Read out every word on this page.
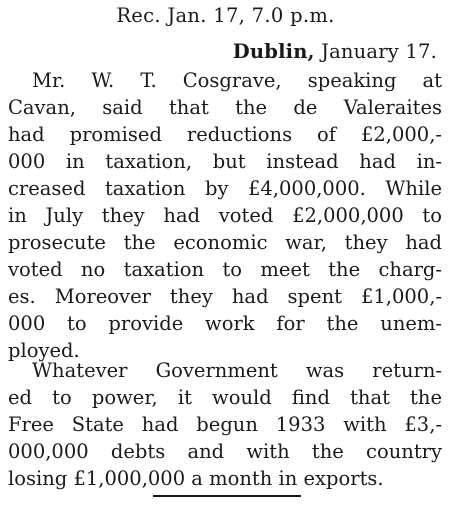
Rec. Jan. 17, 7.0 p.m.
Dublin, January 17.

Mr. W. T. Cosgrave, speaking at
Cavan, said that the de Valeraites
had promised reductions of £2,000,-
000 in taxation, but instead had in-
creased taxation by £4,000,000. While
in July they had voted £2,000,000 to
prosecute the economic war, they had
voted no taxation to meet the charg-
es. Moreover they had spent £1,000,-
000 to provide work for the unem-
ployed.

Whatever Government was return-
ed to power, it would find that the
Free State had begun 1933 with £3,-
000,000 debts and with the country
losing £1,000,000 a month in exports.
